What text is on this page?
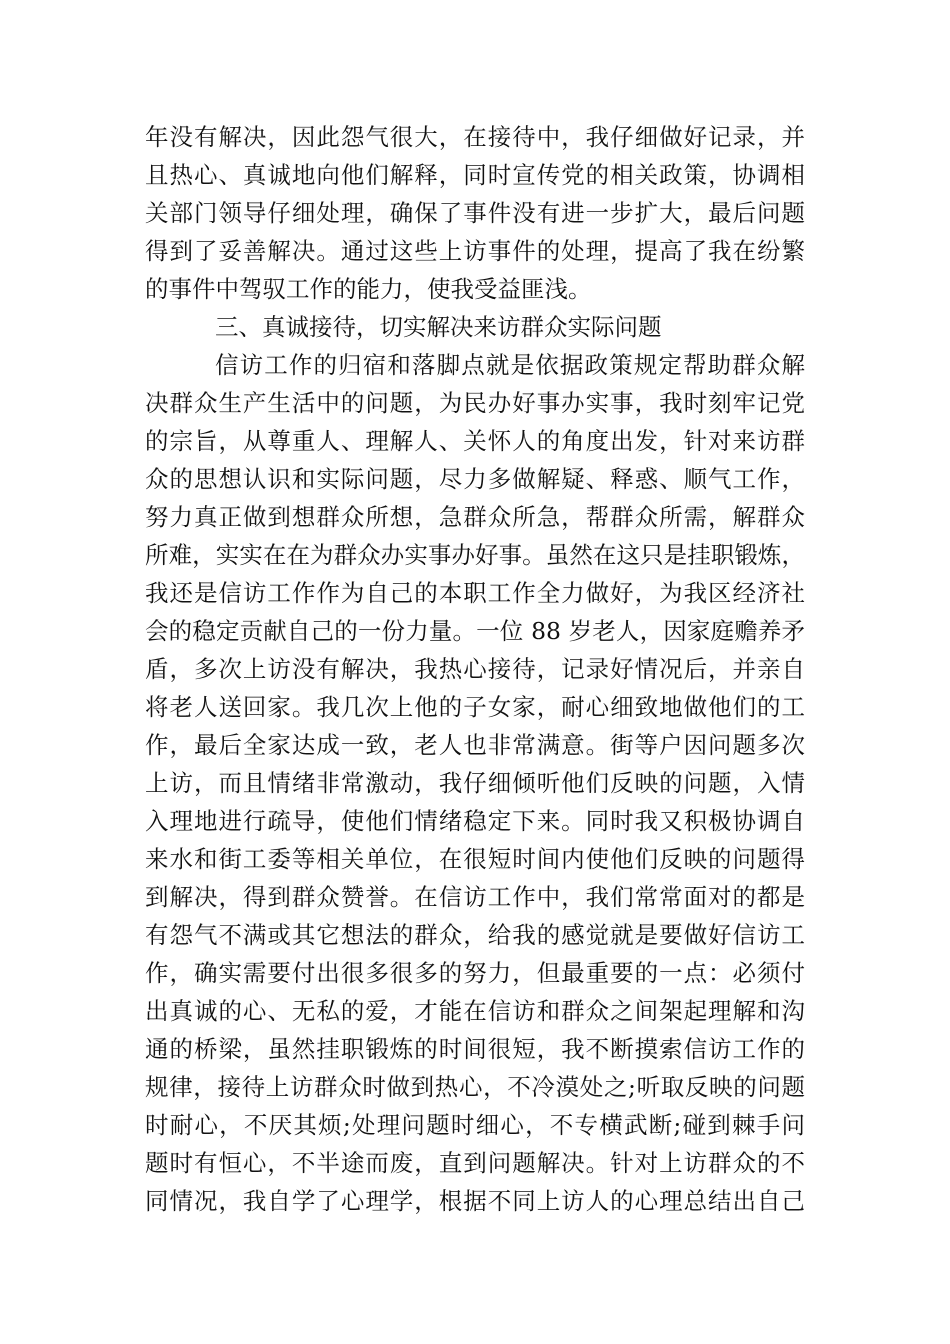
年没有解决，因此怨气很大，在接待中，我仔细做好记录，并
且热心、真诚地向他们解释，同时宣传党的相关政策，协调相
关部门领导仔细处理，确保了事件没有进一步扩大，最后问题
得到了妥善解决。通过这些上访事件的处理，提高了我在纷繁
的事件中驾驭工作的能力，使我受益匪浅。
三、真诚接待，切实解决来访群众实际问题
信访工作的归宿和落脚点就是依据政策规定帮助群众解
决群众生产生活中的问题，为民办好事办实事，我时刻牢记党
的宗旨，从尊重人、理解人、关怀人的角度出发，针对来访群
众的思想认识和实际问题，尽力多做解疑、释惑、顺气工作，
努力真正做到想群众所想，急群众所急，帮群众所需，解群众
所难，实实在在为群众办实事办好事。虽然在这只是挂职锻炼，
我还是信访工作作为自己的本职工作全力做好，为我区经济社
会的稳定贡献自己的一份力量。一位 88 岁老人，因家庭赡养矛
盾，多次上访没有解决，我热心接待，记录好情况后，并亲自
将老人送回家。我几次上他的子女家，耐心细致地做他们的工
作，最后全家达成一致，老人也非常满意。街等户因问题多次
上访，而且情绪非常激动，我仔细倾听他们反映的问题，入情
入理地进行疏导，使他们情绪稳定下来。同时我又积极协调自
来水和街工委等相关单位，在很短时间内使他们反映的问题得
到解决，得到群众赞誉。在信访工作中，我们常常面对的都是
有怨气不满或其它想法的群众，给我的感觉就是要做好信访工
作，确实需要付出很多很多的努力，但最重要的一点：必须付
出真诚的心、无私的爱，才能在信访和群众之间架起理解和沟
通的桥梁，虽然挂职锻炼的时间很短，我不断摸索信访工作的
规律，接待上访群众时做到热心，不冷漠处之;听取反映的问题
时耐心，不厌其烦;处理问题时细心，不专横武断;碰到棘手问
题时有恒心，不半途而废，直到问题解决。针对上访群众的不
同情况，我自学了心理学，根据不同上访人的心理总结出自己
